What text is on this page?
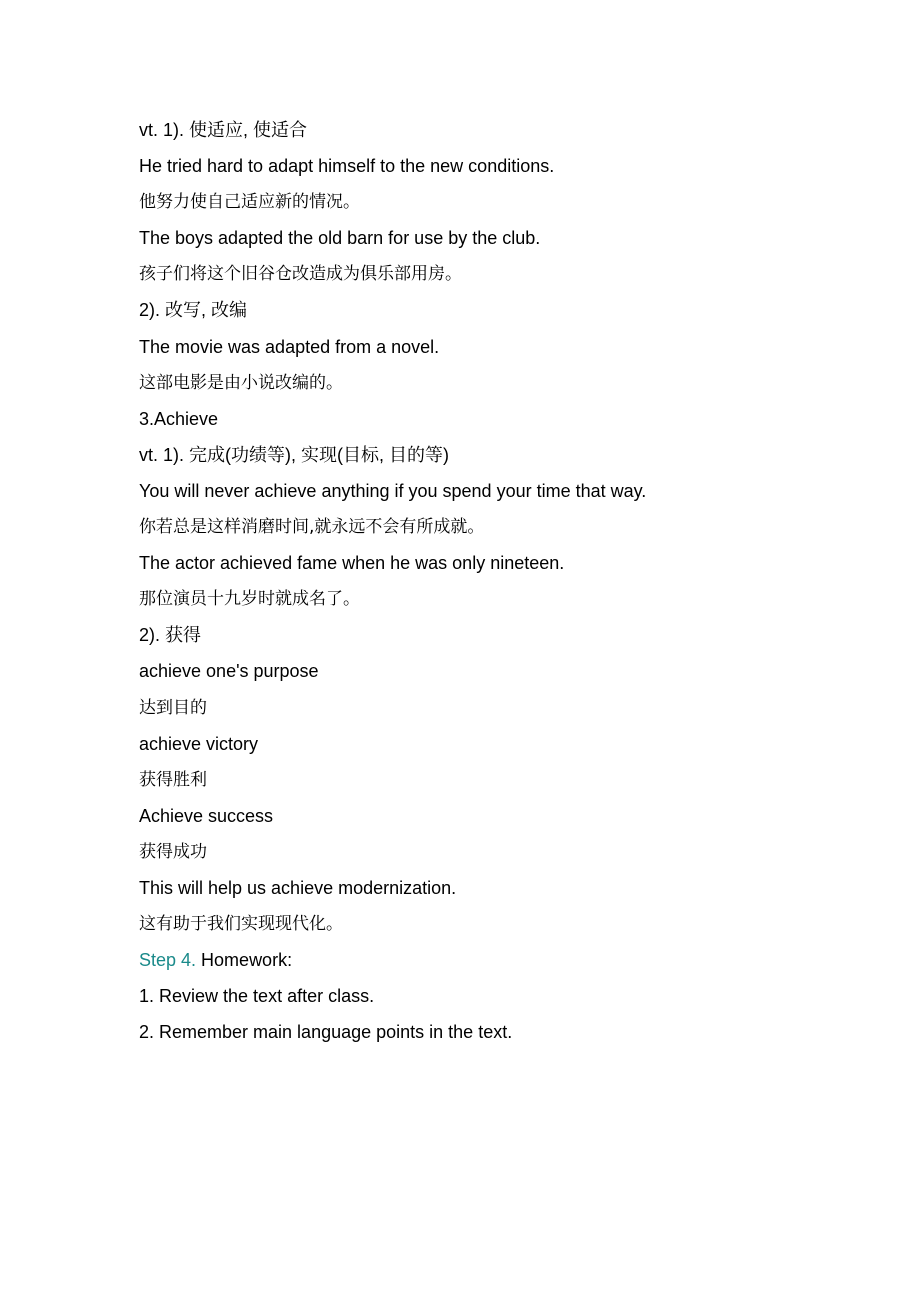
vt. 1). 使适应, 使适合
He tried hard to adapt himself to the new conditions.
他努力使自己适应新的情况。
The boys adapted the old barn for use by the club.
孩子们将这个旧谷仓改造成为俱乐部用房。
2). 改写, 改编
The movie was adapted from a novel.
这部电影是由小说改编的。
3.Achieve
vt. 1). 完成(功绩等), 实现(目标, 目的等)
You will never achieve anything if you spend your time that way.
你若总是这样消磨时间,就永远不会有所成就。
The actor achieved fame when he was only nineteen.
那位演员十九岁时就成名了。
2). 获得
achieve one's purpose
达到目的
achieve victory
获得胜利
Achieve success
获得成功
This will help us achieve modernization.
这有助于我们实现现代化。
Step 4. Homework:
1. Review the text after class.
2. Remember main language points in the text.
